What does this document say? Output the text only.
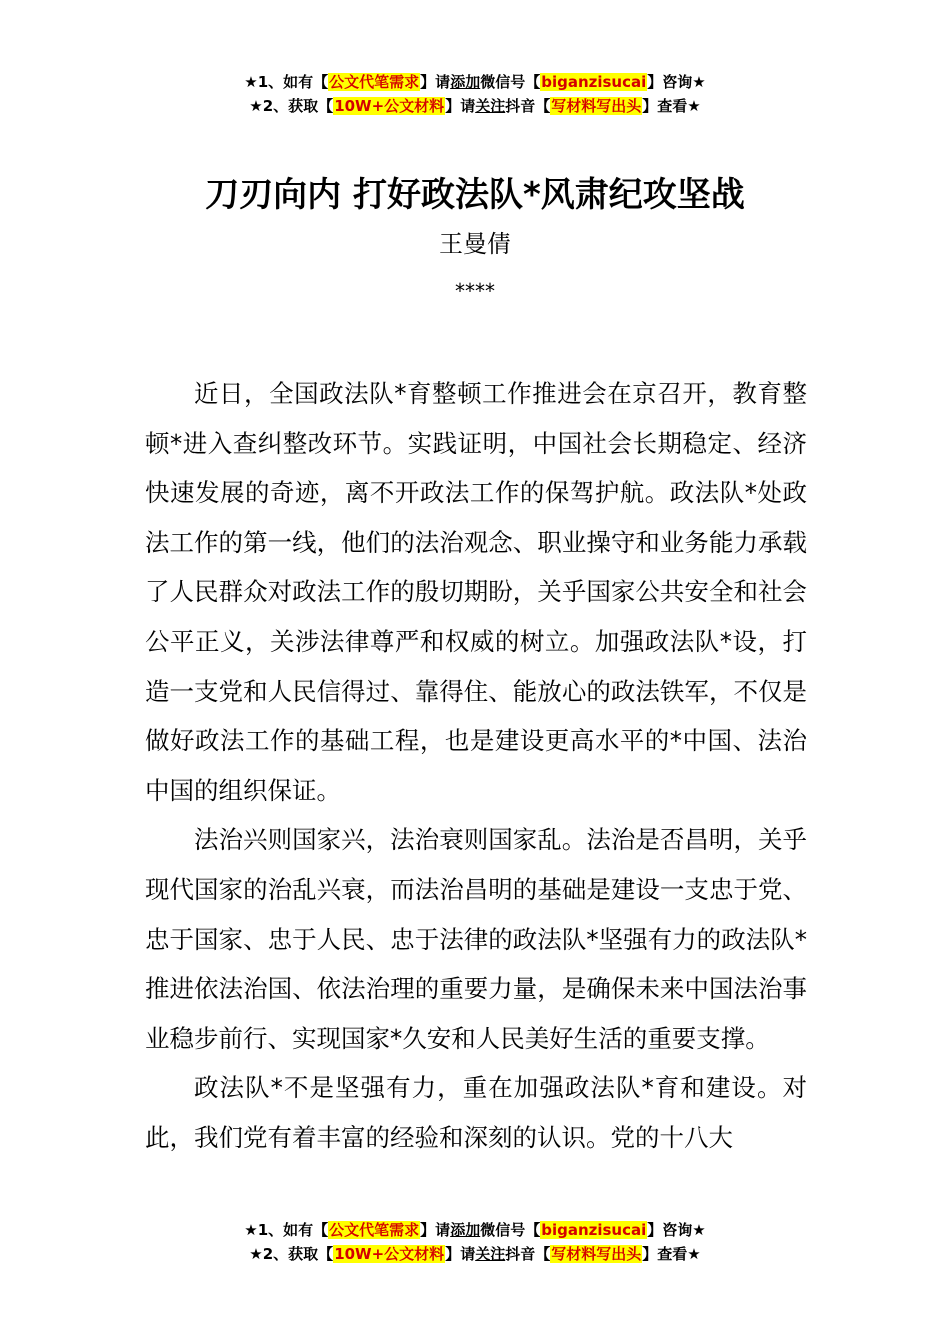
★1、如有【公文代笔需求】请添加微信号【biganzisucai】咨询★
★2、获取【10W+公文材料】请关注抖音【写材料写出头】查看★
刀刃向内 打好政法队*风肃纪攻坚战
王曼倩
****

近日，全国政法队*育整顿工作推进会在京召开，教育整顿*进入查纠整改环节。实践证明，中国社会长期稳定、经济快速发展的奇迹，离不开政法工作的保驾护航。政法队*处政法工作的第一线，他们的法治观念、职业操守和业务能力承载了人民群众对政法工作的殷切期盼，关乎国家公共安全和社会公平正义，关涉法律尊严和权威的树立。加强政法队*设，打造一支党和人民信得过、靠得住、能放心的政法铁军，不仅是做好政法工作的基础工程，也是建设更高水平的*中国、法治中国的组织保证。

法治兴则国家兴，法治衰则国家乱。法治是否昌明，关乎现代国家的治乱兴衰，而法治昌明的基础是建设一支忠于党、忠于国家、忠于人民、忠于法律的政法队*坚强有力的政法队*推进依法治国、依法治理的重要力量，是确保未来中国法治事业稳步前行、实现国家*久安和人民美好生活的重要支撑。

政法队*不是坚强有力，重在加强政法队*育和建设。对此，我们党有着丰富的经验和深刻的认识。党的十八大

★1、如有【公文代笔需求】请添加微信号【biganzisucai】咨询★
★2、获取【10W+公文材料】请关注抖音【写材料写出头】查看★
